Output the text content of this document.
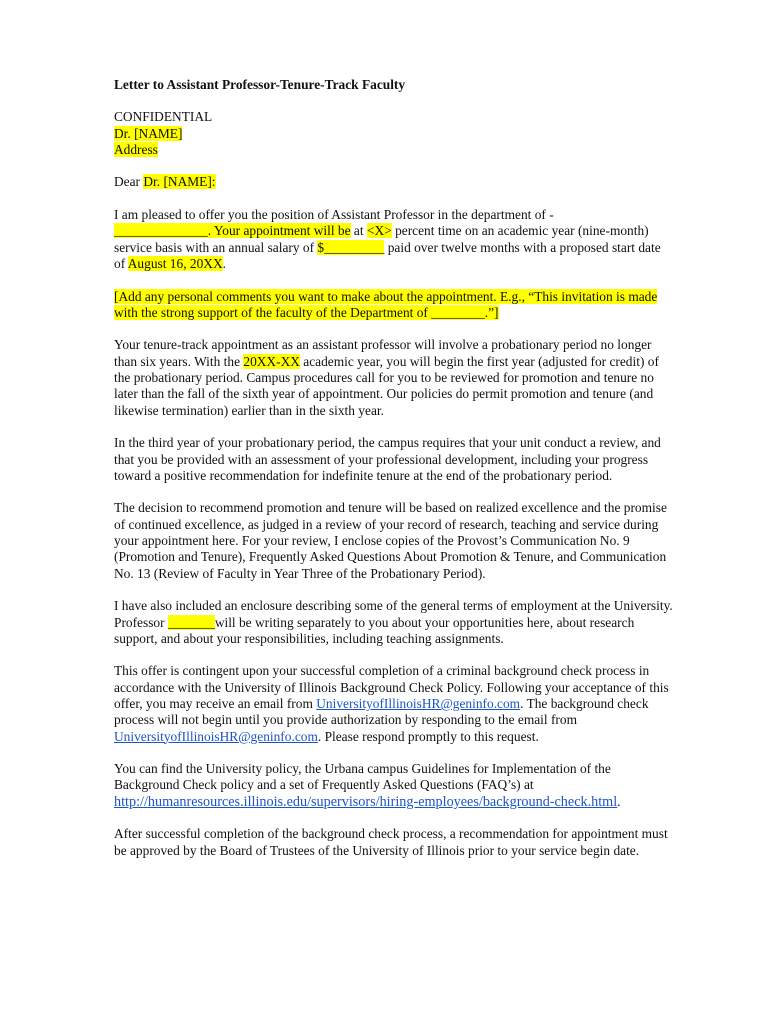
Letter to Assistant Professor-Tenure-Track Faculty
CONFIDENTIAL
Dr. [NAME]
Address

Dear Dr. [NAME]:

I am pleased to offer you the position of Assistant Professor in the department of -
______________. Your appointment will be at <X> percent time on an academic year (nine-month) service basis with an annual salary of $_________ paid over twelve months with a proposed start date of August 16, 20XX.

[Add any personal comments you want to make about the appointment. E.g., “This invitation is made with the strong support of the faculty of the Department of ________.”]

Your tenure-track appointment as an assistant professor will involve a probationary period no longer than six years. With the 20XX-XX academic year, you will begin the first year (adjusted for credit) of the probationary period. Campus procedures call for you to be reviewed for promotion and tenure no later than the fall of the sixth year of appointment. Our policies do permit promotion and tenure (and likewise termination) earlier than in the sixth year.

In the third year of your probationary period, the campus requires that your unit conduct a review, and that you be provided with an assessment of your professional development, including your progress toward a positive recommendation for indefinite tenure at the end of the probationary period.

The decision to recommend promotion and tenure will be based on realized excellence and the promise of continued excellence, as judged in a review of your record of research, teaching and service during your appointment here. For your review, I enclose copies of the Provost’s Communication No. 9 (Promotion and Tenure), Frequently Asked Questions About Promotion & Tenure, and Communication No. 13 (Review of Faculty in Year Three of the Probationary Period).

I have also included an enclosure describing some of the general terms of employment at the University. Professor _______will be writing separately to you about your opportunities here, about research support, and about your responsibilities, including teaching assignments.

This offer is contingent upon your successful completion of a criminal background check process in accordance with the University of Illinois Background Check Policy. Following your acceptance of this offer, you may receive an email from UniversityofIllinoisHR@geninfo.com. The background check process will not begin until you provide authorization by responding to the email from UniversityofIllinoisHR@geninfo.com. Please respond promptly to this request.

You can find the University policy, the Urbana campus Guidelines for Implementation of the Background Check policy and a set of Frequently Asked Questions (FAQ’s) at http://humanresources.illinois.edu/supervisors/hiring-employees/background-check.html.

After successful completion of the background check process, a recommendation for appointment must be approved by the Board of Trustees of the University of Illinois prior to your service begin date.
